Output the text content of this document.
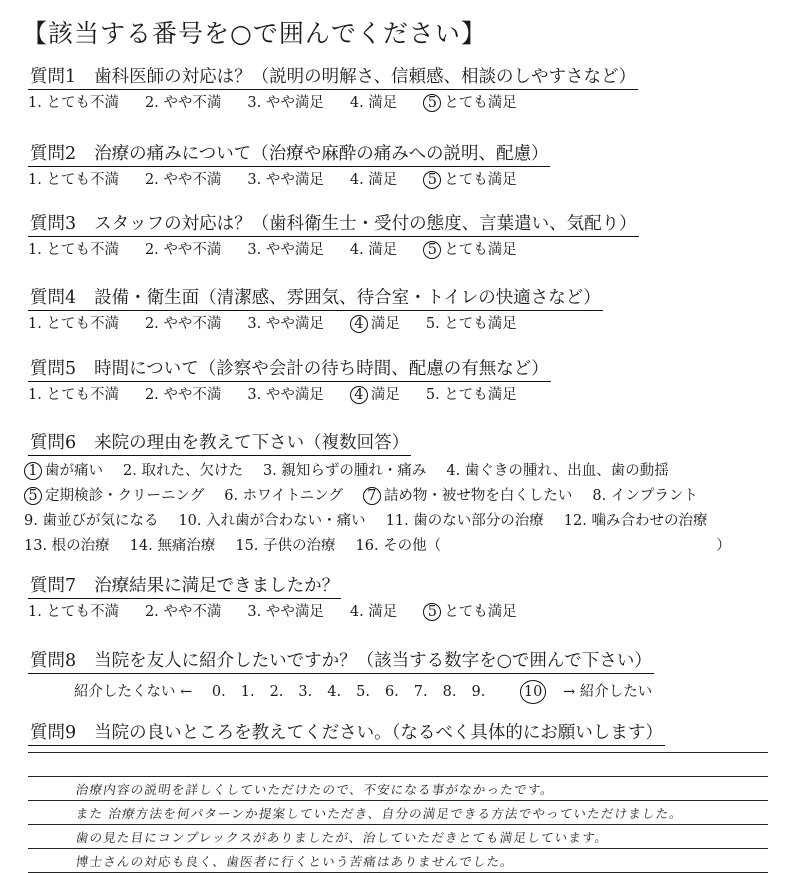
【該当する番号を○で囲んでください】
質問1 歯科医師の対応は？（説明の明解さ、信頼感、相談のしやすさなど）
1. とても不満 2. やや不満 3. やや満足 4. 満足 5 とても満足
質問2 治療の痛みについて（治療や麻酔の痛みへの説明、配慮）
1. とても不満 2. やや不満 3. やや満足 4. 満足 5 とても満足
質問3 スタッフの対応は？（歯科衛生士・受付の態度、言葉遣い、気配り）
1. とても不満 2. やや不満 3. やや満足 4. 満足 5 とても満足
質問4 設備・衛生面（清潔感、雰囲気、待合室・トイレの快適さなど）
1. とても不満 2. やや不満 3. やや満足 4 満足 5. とても満足
質問5 時間について（診察や会計の待ち時間、配慮の有無など）
1. とても不満 2. やや不満 3. やや満足 4 満足 5. とても満足
質問6 来院の理由を教えて下さい（複数回答）
1 歯が痛い 2. 取れた、欠けた 3. 親知らずの腫れ・痛み 4. 歯ぐきの腫れ、出血、歯の動揺
5 定期検診・クリーニング 6. ホワイトニング 7 詰め物・被せ物を白くしたい 8. インプラント
9. 歯並びが気になる 10. 入れ歯が合わない・痛い 11. 歯のない部分の治療 12. 噛み合わせの治療
13. 根の治療 14. 無痛治療 15. 子供の治療 16. その他（	）
質問7 治療結果に満足できましたか？
1. とても不満 2. やや不満 3. やや満足 4. 満足 5 とても満足
質問8 当院を友人に紹介したいですか？（該当する数字を○で囲んで下さい）
紹介したくない ← 0. 1. 2. 3. 4. 5. 6. 7. 8. 9.	10 → 紹介したい
質問9 当院の良いところを教えてください。（なるべく具体的にお願いします）
治療内容の説明を詳しくしていただけたので、不安になる事がなかったです。
また 治療方法を何パターンか提案していただき、自分の満足できる方法でやっていただけました。
歯の見た目にコンプレックスがありましたが、治していただきとても満足しています。
博士さんの対応も良く、歯医者に行くという苦痛はありませんでした。
